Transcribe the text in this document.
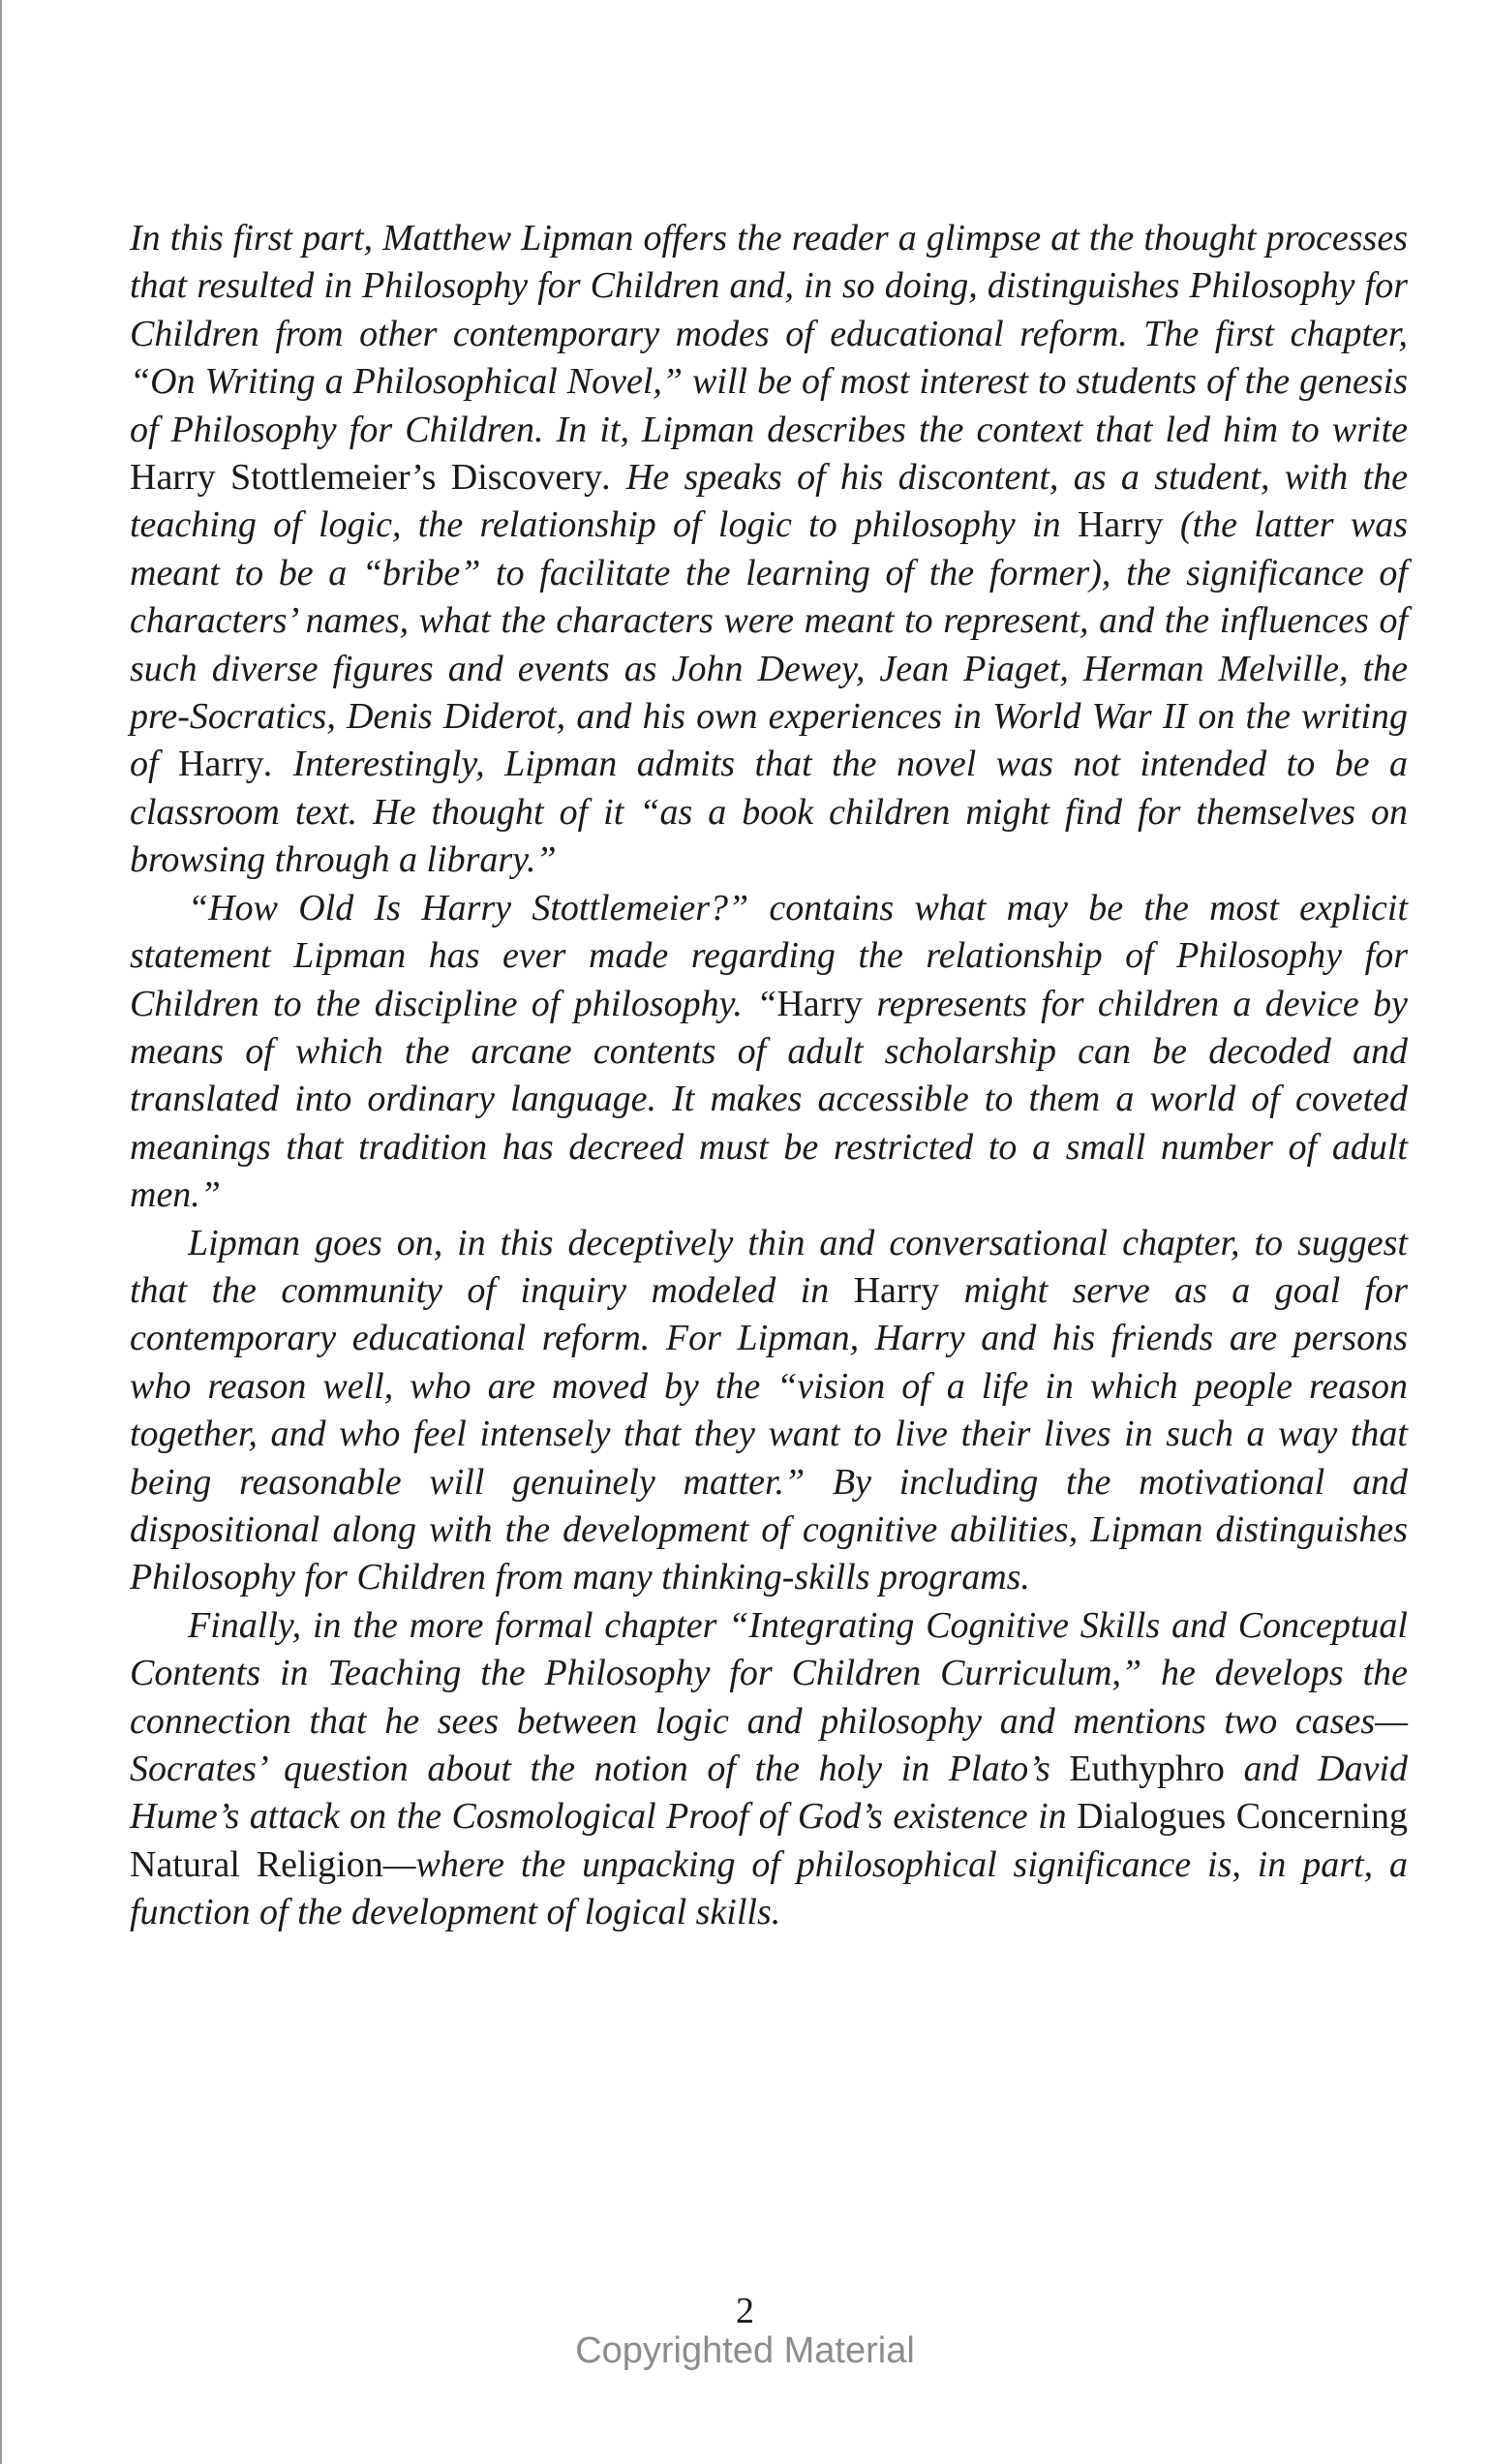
In this first part, Matthew Lipman offers the reader a glimpse at the thought processes that resulted in Philosophy for Children and, in so doing, distinguishes Philosophy for Children from other contemporary modes of educational reform. The first chapter, “On Writing a Philosophical Novel,” will be of most interest to students of the genesis of Philosophy for Children. In it, Lipman describes the context that led him to write Harry Stottlemeier’s Discovery. He speaks of his discontent, as a student, with the teaching of logic, the relationship of logic to philosophy in Harry (the latter was meant to be a “bribe” to facilitate the learning of the former), the significance of characters’ names, what the characters were meant to represent, and the influences of such diverse figures and events as John Dewey, Jean Piaget, Herman Melville, the pre-Socratics, Denis Diderot, and his own experiences in World War II on the writing of Harry. Interestingly, Lipman admits that the novel was not intended to be a classroom text. He thought of it “as a book children might find for themselves on browsing through a library.”

“How Old Is Harry Stottlemeier?” contains what may be the most explicit statement Lipman has ever made regarding the relationship of Philosophy for Children to the discipline of philosophy. “Harry represents for children a device by means of which the arcane contents of adult scholarship can be decoded and translated into ordinary language. It makes accessible to them a world of coveted meanings that tradition has decreed must be restricted to a small number of adult men.”

Lipman goes on, in this deceptively thin and conversational chapter, to suggest that the community of inquiry modeled in Harry might serve as a goal for contemporary educational reform. For Lipman, Harry and his friends are persons who reason well, who are moved by the “vision of a life in which people reason together, and who feel intensely that they want to live their lives in such a way that being reasonable will genuinely matter.” By including the motivational and dispositional along with the development of cognitive abilities, Lipman distinguishes Philosophy for Children from many thinking-skills programs.

Finally, in the more formal chapter “Integrating Cognitive Skills and Conceptual Contents in Teaching the Philosophy for Children Curriculum,” he develops the connection that he sees between logic and philosophy and mentions two cases—Socrates’ question about the notion of the holy in Plato’s Euthyphro and David Hume’s attack on the Cosmological Proof of God’s existence in Dialogues Concerning Natural Religion—where the unpacking of philosophical significance is, in part, a function of the development of logical skills.

2
Copyrighted Material
